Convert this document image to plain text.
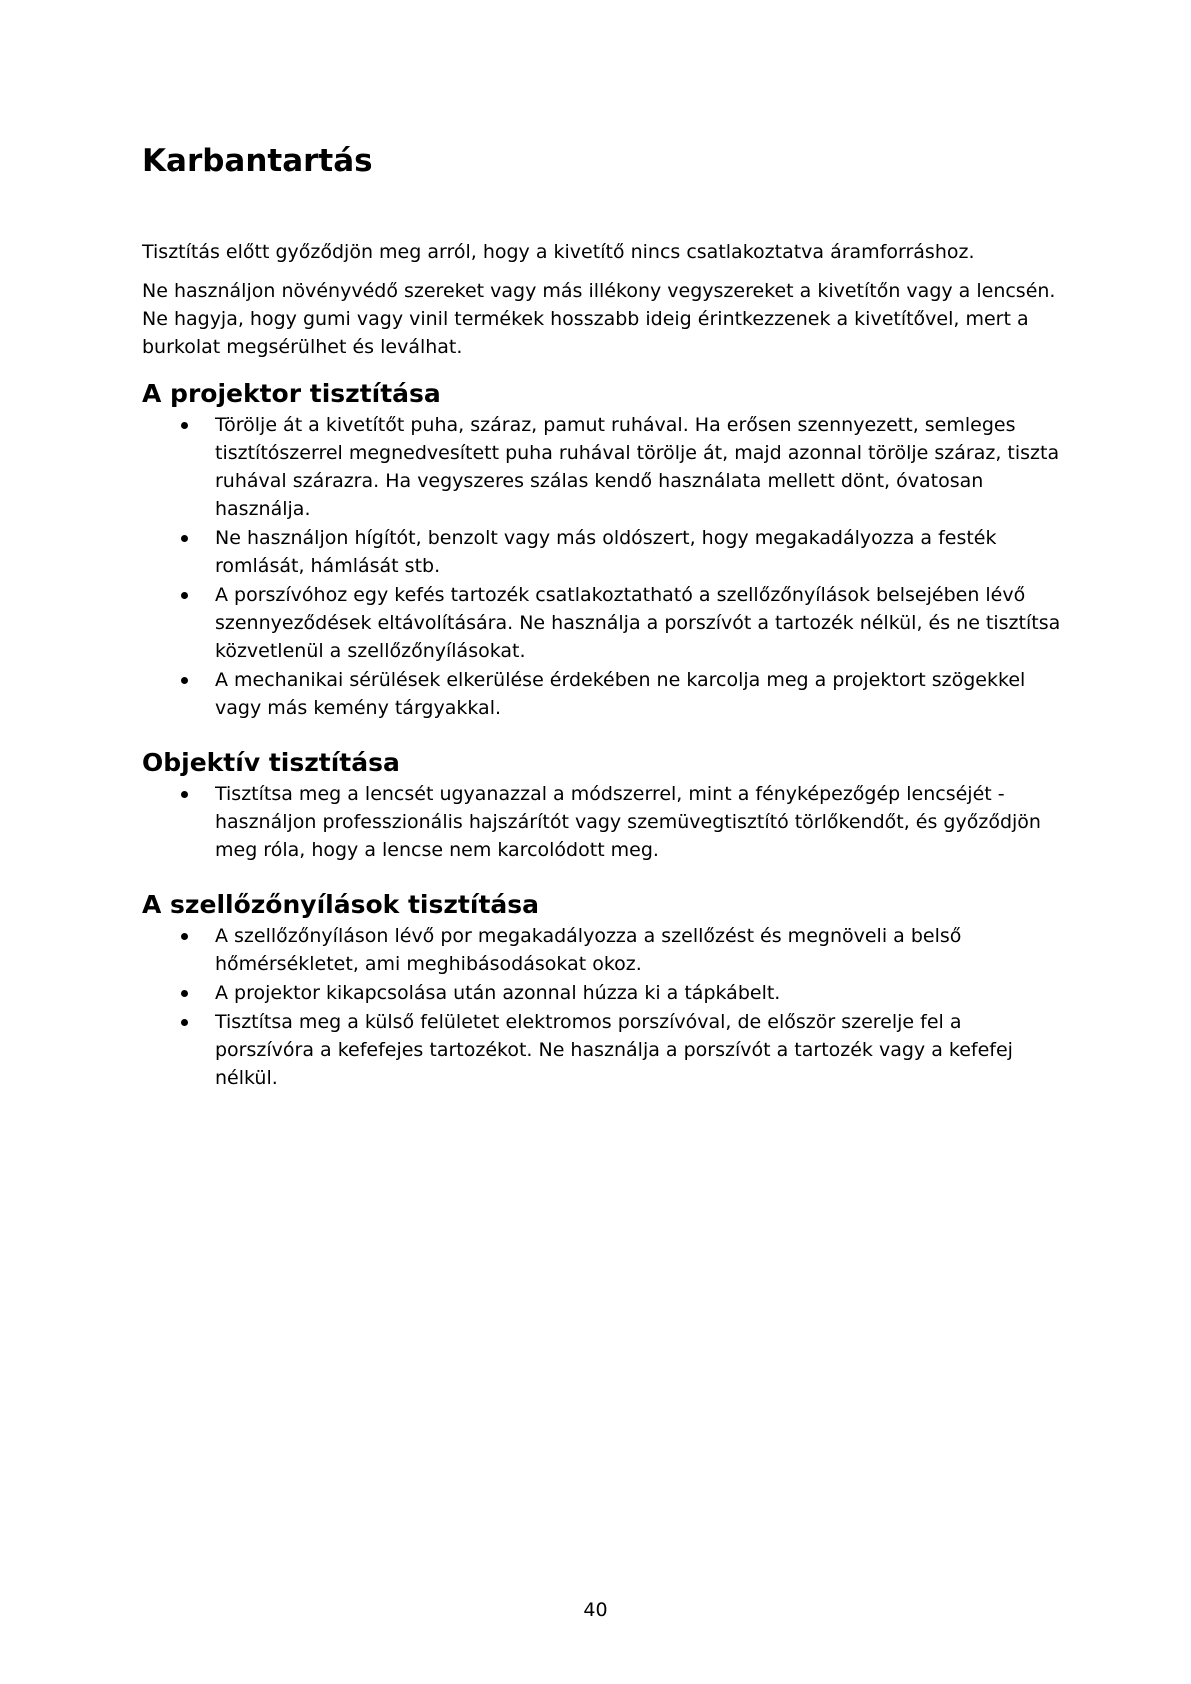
Karbantartás

Tisztítás előtt győződjön meg arról, hogy a kivetítő nincs csatlakoztatva áramforráshoz.

Ne használjon növényvédő szereket vagy más illékony vegyszereket a kivetítőn vagy a lencsén. Ne hagyja, hogy gumi vagy vinil termékek hosszabb ideig érintkezzenek a kivetítővel, mert a burkolat megsérülhet és leválhat.

A projektor tisztítása
Törölje át a kivetítőt puha, száraz, pamut ruhával. Ha erősen szennyezett, semleges tisztítószerrel megnedvesített puha ruhával törölje át, majd azonnal törölje száraz, tiszta ruhával szárazra. Ha vegyszeres szálas kendő használata mellett dönt, óvatosan használja.
Ne használjon hígítót, benzolt vagy más oldószert, hogy megakadályozza a festék romlását, hámlását stb.
A porszívóhoz egy kefés tartozék csatlakoztatható a szellőzőnyílások belsejében lévő szennyeződések eltávolítására. Ne használja a porszívót a tartozék nélkül, és ne tisztítsa közvetlenül a szellőzőnyílásokat.
A mechanikai sérülések elkerülése érdekében ne karcolja meg a projektort szögekkel vagy más kemény tárgyakkal.
Objektív tisztítása
Tisztítsa meg a lencsét ugyanazzal a módszerrel, mint a fényképezőgép lencséjét - használjon professzionális hajszárítót vagy szemüvegtisztító törlőkendőt, és győződjön meg róla, hogy a lencse nem karcolódott meg.
A szellőzőnyílások tisztítása
A szellőzőnyíláson lévő por megakadályozza a szellőzést és megnöveli a belső hőmérsékletet, ami meghibásodásokat okoz.
A projektor kikapcsolása után azonnal húzza ki a tápkábelt.
Tisztítsa meg a külső felületet elektromos porszívóval, de először szerelje fel a porszívóra a kefefejes tartozékot. Ne használja a porszívót a tartozék vagy a kefefej nélkül.
40
